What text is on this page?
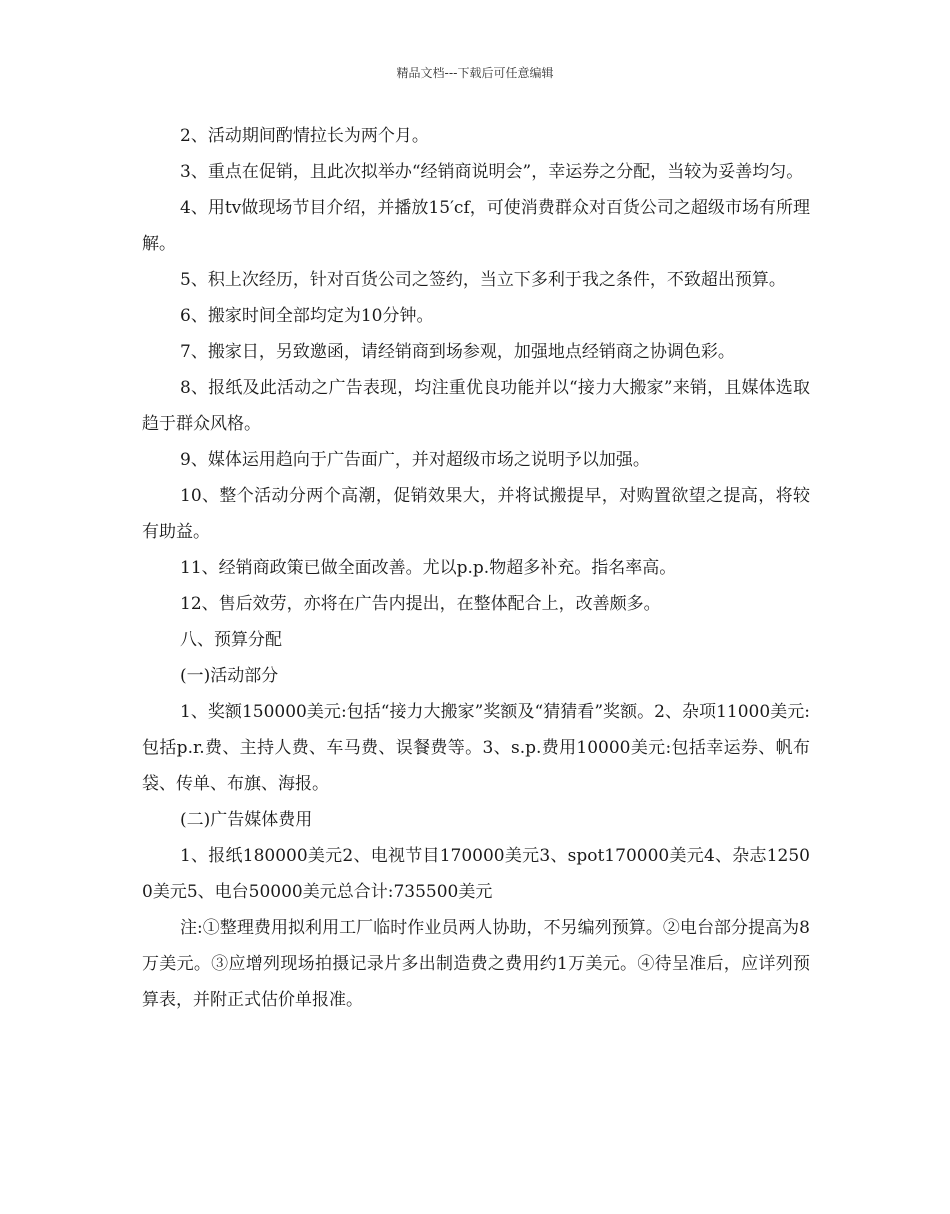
精品文档---下载后可任意编辑

2、活动期间酌情拉长为两个月。

3、重点在促销，且此次拟举办“经销商说明会”，幸运券之分配，当较为妥善均匀。

4、用tv做现场节目介绍，并播放15′cf，可使消费群众对百货公司之超级市场有所理解。

5、积上次经历，针对百货公司之签约，当立下多利于我之条件，不致超出预算。

6、搬家时间全部均定为10分钟。

7、搬家日，另致邀函，请经销商到场参观，加强地点经销商之协调色彩。

8、报纸及此活动之广告表现，均注重优良功能并以“接力大搬家”来销，且媒体选取趋于群众风格。

9、媒体运用趋向于广告面广，并对超级市场之说明予以加强。

10、整个活动分两个高潮，促销效果大，并将试搬提早，对购置欲望之提高，将较有助益。

11、经销商政策已做全面改善。尤以p.p.物超多补充。指名率高。

12、售后效劳，亦将在广告内提出，在整体配合上，改善颇多。

八、预算分配

(一)活动部分

1、奖额150000美元:包括“接力大搬家”奖额及“猜猜看”奖额。2、杂项11000美元:包括p.r.费、主持人费、车马费、误餐费等。3、s.p.费用10000美元:包括幸运券、帆布袋、传单、布旗、海报。

(二)广告媒体费用

1、报纸180000美元2、电视节目170000美元3、spot170000美元4、杂志12500美元5、电台50000美元总合计:735500美元

注:①整理费用拟利用工厂临时作业员两人协助，不另编列预算。②电台部分提高为8万美元。③应增列现场拍摄记录片多出制造费之费用约1万美元。④待呈准后，应详列预算表，并附正式估价单报准。
